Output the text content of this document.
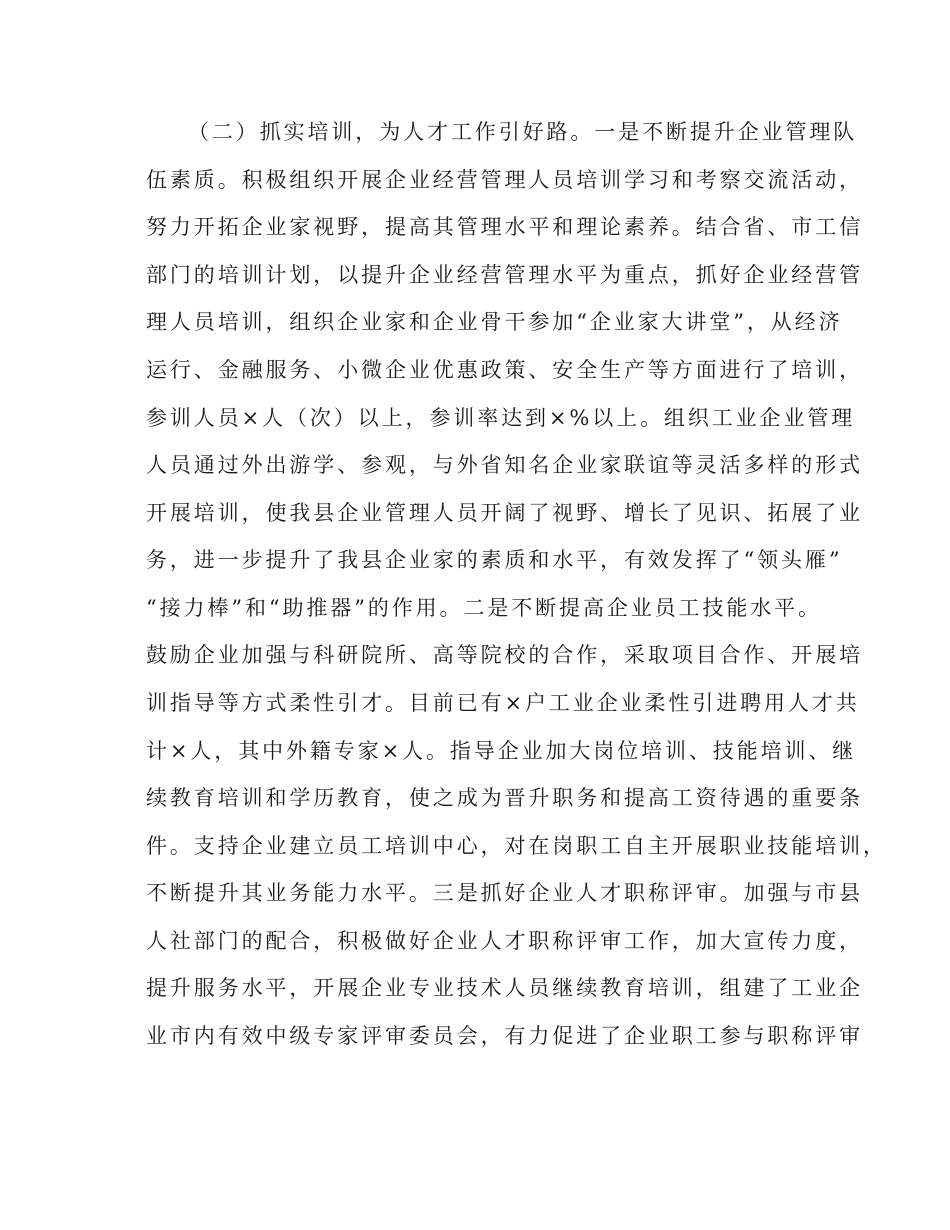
（二）抓实培训，为人才工作引好路。一是不断提升企业管理队
伍素质。积极组织开展企业经营管理人员培训学习和考察交流活动，
努力开拓企业家视野，提高其管理水平和理论素养。结合省、市工信
部门的培训计划，以提升企业经营管理水平为重点，抓好企业经营管
理人员培训，组织企业家和企业骨干参加“企业家大讲堂”，从经济
运行、金融服务、小微企业优惠政策、安全生产等方面进行了培训，
参训人员×人（次）以上，参训率达到×%以上。组织工业企业管理
人员通过外出游学、参观，与外省知名企业家联谊等灵活多样的形式
开展培训，使我县企业管理人员开阔了视野、增长了见识、拓展了业
务，进一步提升了我县企业家的素质和水平，有效发挥了“领头雁”
“接力棒”和“助推器”的作用。二是不断提高企业员工技能水平。
鼓励企业加强与科研院所、高等院校的合作，采取项目合作、开展培
训指导等方式柔性引才。目前已有×户工业企业柔性引进聘用人才共
计×人，其中外籍专家×人。指导企业加大岗位培训、技能培训、继
续教育培训和学历教育，使之成为晋升职务和提高工资待遇的重要条
件。支持企业建立员工培训中心，对在岗职工自主开展职业技能培训，
不断提升其业务能力水平。三是抓好企业人才职称评审。加强与市县
人社部门的配合，积极做好企业人才职称评审工作，加大宣传力度，
提升服务水平，开展企业专业技术人员继续教育培训，组建了工业企
业市内有效中级专家评审委员会，有力促进了企业职工参与职称评审
